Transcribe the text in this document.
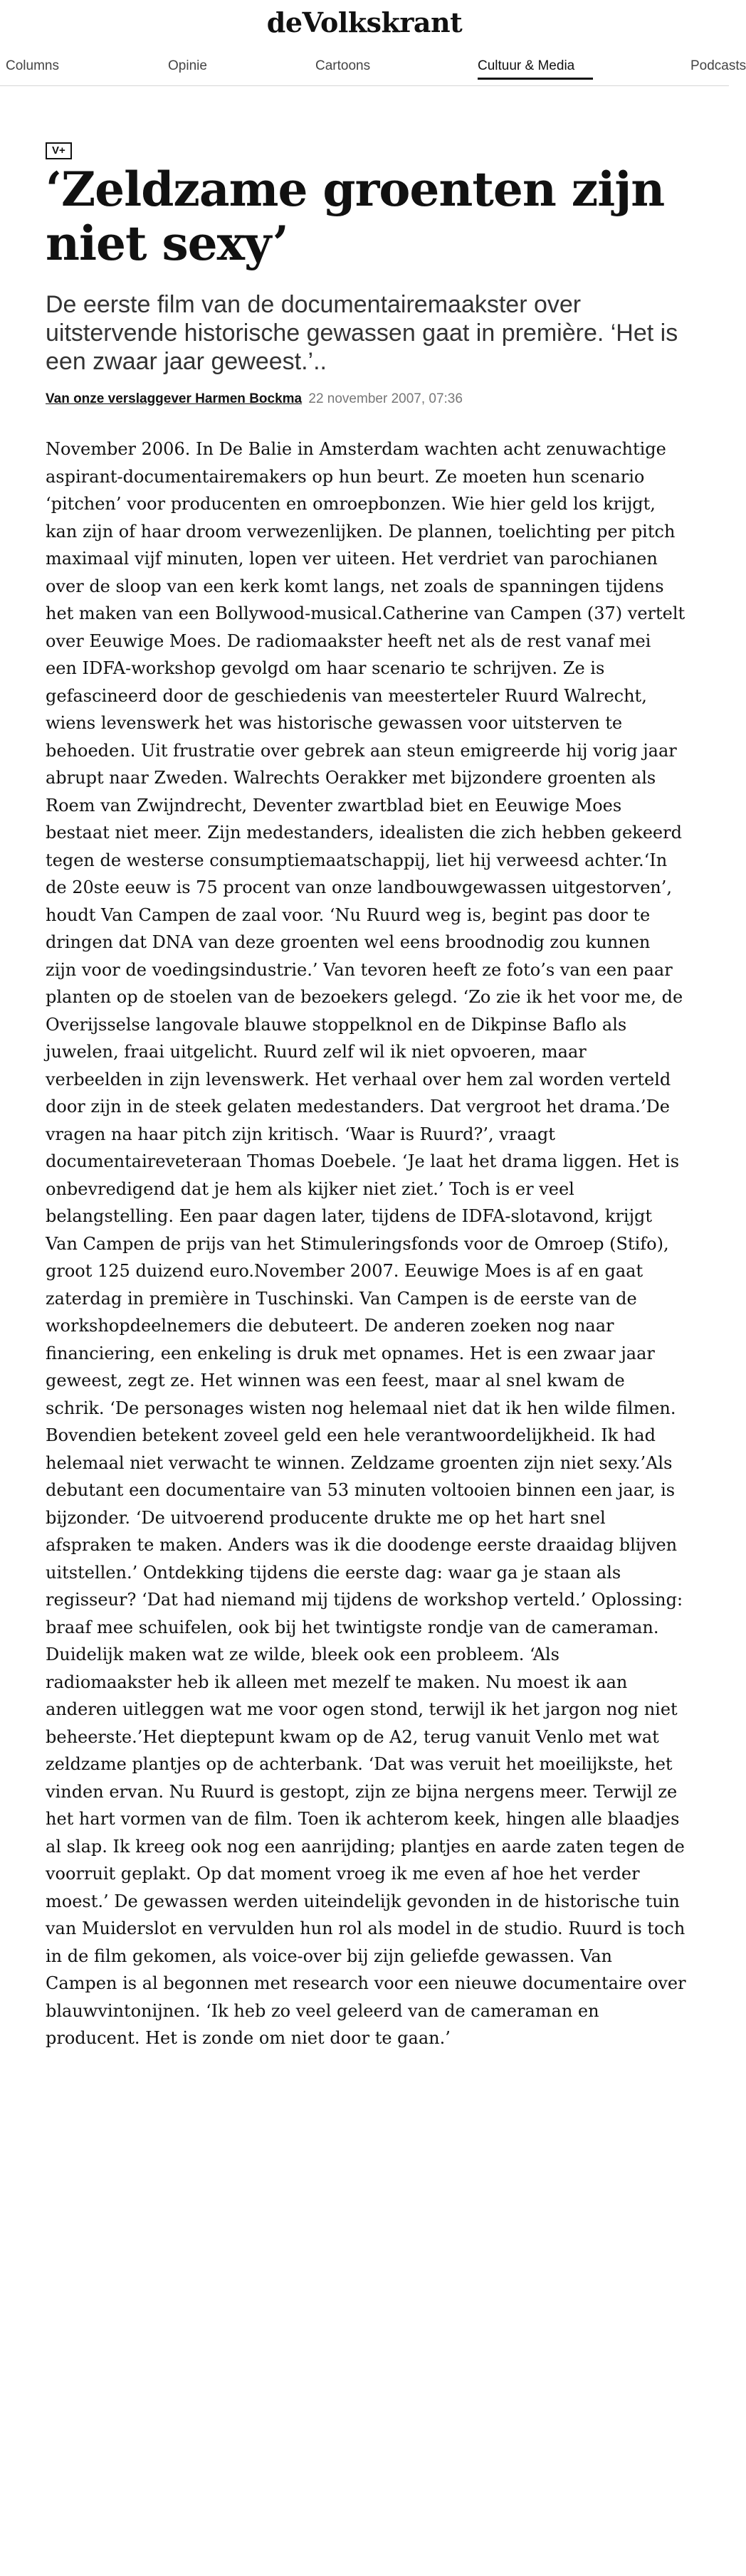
deVolkskrant
Columns	Opinie	Cartoons	Cultuur & Media	Podcasts
V+
‘Zeldzame groenten zijn niet sexy’

De eerste film van de documentairemaakster over uitstervende historische gewassen gaat in première. ‘Het is een zwaar jaar geweest.’..

Van onze verslaggever Harmen Bockma 22 november 2007, 07:36

November 2006. In De Balie in Amsterdam wachten acht zenuwachtige aspirant-documentairemakers op hun beurt. Ze moeten hun scenario ‘pitchen’ voor producenten en omroepbonzen. Wie hier geld los krijgt, kan zijn of haar droom verwezenlijken. De plannen, toelichting per pitch maximaal vijf minuten, lopen ver uiteen. Het verdriet van parochianen over de sloop van een kerk komt langs, net zoals de spanningen tijdens het maken van een Bollywood-musical.Catherine van Campen (37) vertelt over Eeuwige Moes. De radiomaakster heeft net als de rest vanaf mei een IDFA-workshop gevolgd om haar scenario te schrijven. Ze is gefascineerd door de geschiedenis van meesterteler Ruurd Walrecht, wiens levenswerk het was historische gewassen voor uitsterven te behoeden. Uit frustratie over gebrek aan steun emigreerde hij vorig jaar abrupt naar Zweden. Walrechts Oerakker met bijzondere groenten als Roem van Zwijndrecht, Deventer zwartblad biet en Eeuwige Moes bestaat niet meer. Zijn medestanders, idealisten die zich hebben gekeerd tegen de westerse consumptiemaatschappij, liet hij verweesd achter.‘In de 20ste eeuw is 75 procent van onze landbouwgewassen uitgestorven’, houdt Van Campen de zaal voor. ‘Nu Ruurd weg is, begint pas door te dringen dat DNA van deze groenten wel eens broodnodig zou kunnen zijn voor de voedingsindustrie.’ Van tevoren heeft ze foto’s van een paar planten op de stoelen van de bezoekers gelegd. ‘Zo zie ik het voor me, de Overijsselse langovale blauwe stoppelknol en de Dikpinse Baflo als juwelen, fraai uitgelicht. Ruurd zelf wil ik niet opvoeren, maar verbeelden in zijn levenswerk. Het verhaal over hem zal worden verteld door zijn in de steek gelaten medestanders. Dat vergroot het drama.’De vragen na haar pitch zijn kritisch. ‘Waar is Ruurd?’, vraagt documentaireveteraan Thomas Doebele. ‘Je laat het drama liggen. Het is onbevredigend dat je hem als kijker niet ziet.’ Toch is er veel belangstelling. Een paar dagen later, tijdens de IDFA-slotavond, krijgt Van Campen de prijs van het Stimuleringsfonds voor de Omroep (Stifo), groot 125 duizend euro.November 2007. Eeuwige Moes is af en gaat zaterdag in première in Tuschinski. Van Campen is de eerste van de workshopdeelnemers die debuteert. De anderen zoeken nog naar financiering, een enkeling is druk met opnames. Het is een zwaar jaar geweest, zegt ze. Het winnen was een feest, maar al snel kwam de schrik. ‘De personages wisten nog helemaal niet dat ik hen wilde filmen. Bovendien betekent zoveel geld een hele verantwoordelijkheid. Ik had helemaal niet verwacht te winnen. Zeldzame groenten zijn niet sexy.’Als debutant een documentaire van 53 minuten voltooien binnen een jaar, is bijzonder. ‘De uitvoerend producente drukte me op het hart snel afspraken te maken. Anders was ik die doodenge eerste draaidag blijven uitstellen.’ Ontdekking tijdens die eerste dag: waar ga je staan als regisseur? ‘Dat had niemand mij tijdens de workshop verteld.’ Oplossing: braaf mee schuifelen, ook bij het twintigste rondje van de cameraman. Duidelijk maken wat ze wilde, bleek ook een probleem. ‘Als radiomaakster heb ik alleen met mezelf te maken. Nu moest ik aan anderen uitleggen wat me voor ogen stond, terwijl ik het jargon nog niet beheerste.’Het dieptepunt kwam op de A2, terug vanuit Venlo met wat zeldzame plantjes op de achterbank. ‘Dat was veruit het moeilijkste, het vinden ervan. Nu Ruurd is gestopt, zijn ze bijna nergens meer. Terwijl ze het hart vormen van de film. Toen ik achterom keek, hingen alle blaadjes al slap. Ik kreeg ook nog een aanrijding; plantjes en aarde zaten tegen de voorruit geplakt. Op dat moment vroeg ik me even af hoe het verder moest.’ De gewassen werden uiteindelijk gevonden in de historische tuin van Muiderslot en vervulden hun rol als model in de studio. Ruurd is toch in de film gekomen, als voice-over bij zijn geliefde gewassen. Van Campen is al begonnen met research voor een nieuwe documentaire over blauwvintonijnen. ‘Ik heb zo veel geleerd van de cameraman en producent. Het is zonde om niet door te gaan.’
